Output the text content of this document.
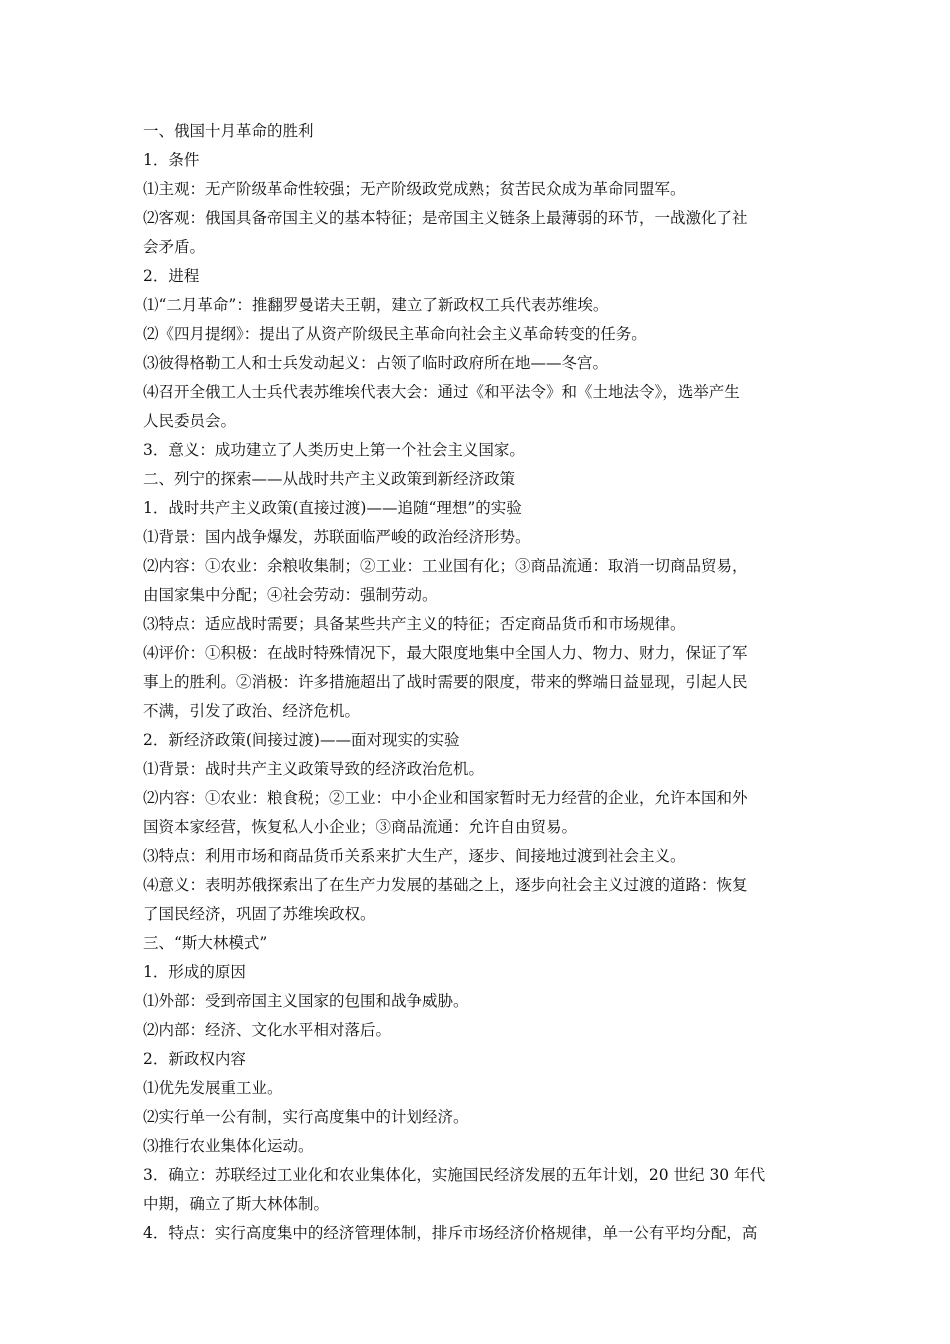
一、俄国十月革命的胜利

1．条件

⑴主观：无产阶级革命性较强；无产阶级政党成熟；贫苦民众成为革命同盟军。

⑵客观：俄国具备帝国主义的基本特征；是帝国主义链条上最薄弱的环节，一战激化了社

会矛盾。

2．进程

⑴“二月革命”：推翻罗曼诺夫王朝，建立了新政权工兵代表苏维埃。

⑵《四月提纲》：提出了从资产阶级民主革命向社会主义革命转变的任务。

⑶彼得格勒工人和士兵发动起义：占领了临时政府所在地——冬宫。

⑷召开全俄工人士兵代表苏维埃代表大会：通过《和平法令》和《土地法令》，选举产生

人民委员会。

3．意义：成功建立了人类历史上第一个社会主义国家。

二、列宁的探索——从战时共产主义政策到新经济政策

1．战时共产主义政策(直接过渡)——追随“理想”的实验

⑴背景：国内战争爆发，苏联面临严峻的政治经济形势。

⑵内容：①农业：余粮收集制；②工业：工业国有化；③商品流通：取消一切商品贸易，

由国家集中分配；④社会劳动：强制劳动。

⑶特点：适应战时需要；具备某些共产主义的特征；否定商品货币和市场规律。

⑷评价：①积极：在战时特殊情况下，最大限度地集中全国人力、物力、财力，保证了军

事上的胜利。②消极：许多措施超出了战时需要的限度，带来的弊端日益显现，引起人民

不满，引发了政治、经济危机。

2．新经济政策(间接过渡)——面对现实的实验

⑴背景：战时共产主义政策导致的经济政治危机。

⑵内容：①农业：粮食税；②工业：中小企业和国家暂时无力经营的企业，允许本国和外

国资本家经营，恢复私人小企业；③商品流通：允许自由贸易。

⑶特点：利用市场和商品货币关系来扩大生产，逐步、间接地过渡到社会主义。

⑷意义：表明苏俄探索出了在生产力发展的基础之上，逐步向社会主义过渡的道路：恢复

了国民经济，巩固了苏维埃政权。

三、“斯大林模式”

1．形成的原因

⑴外部：受到帝国主义国家的包围和战争威胁。

⑵内部：经济、文化水平相对落后。

2．新政权内容

⑴优先发展重工业。

⑵实行单一公有制，实行高度集中的计划经济。

⑶推行农业集体化运动。

3．确立：苏联经过工业化和农业集体化，实施国民经济发展的五年计划，20 世纪 30 年代

中期，确立了斯大林体制。

4．特点：实行高度集中的经济管理体制，排斥市场经济价格规律，单一公有平均分配，高
